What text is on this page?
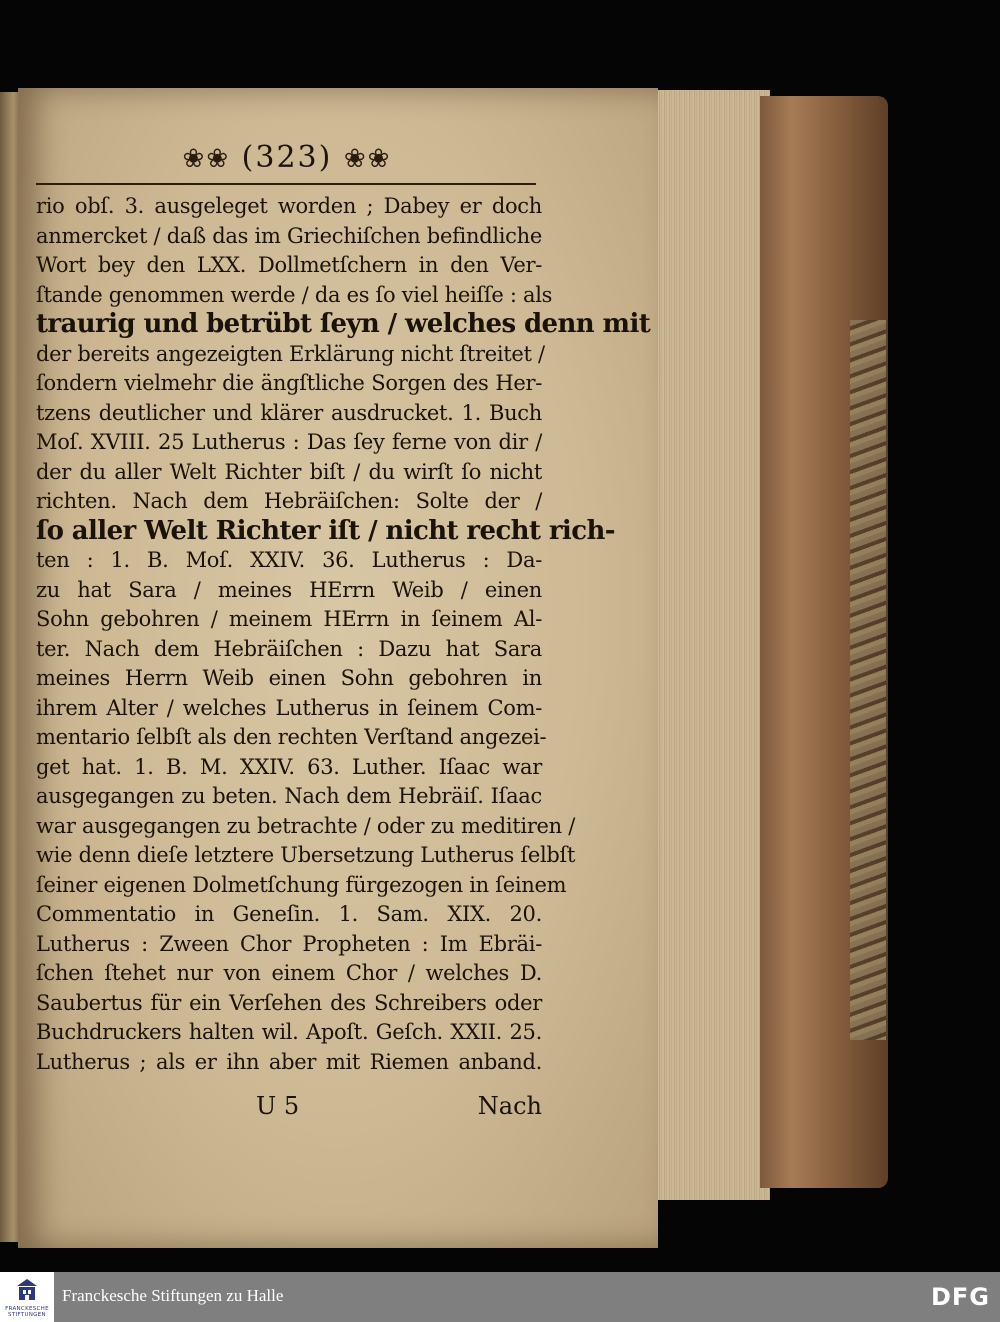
❀❀ (323) ❀❀
rio obſ. 3. ausgeleget worden ; Dabey er doch
anmercket / daß das im Griechiſchen befindliche
Wort bey den LXX. Dollmetſchern in den Ver-
ſtande genommen werde / da es ſo viel heiſſe : als
traurig und betrübt ſeyn / welches denn mit
der bereits angezeigten Erklärung nicht ſtreitet /
ſondern vielmehr die ängſtliche Sorgen des Her-
tzens deutlicher und klärer ausdrucket. 1. Buch
Moſ. XVIII. 25 Lutherus : Das ſey ferne von dir /
der du aller Welt Richter biſt / du wirſt ſo nicht
richten. Nach dem Hebräiſchen: Solte der /
ſo aller Welt Richter iſt / nicht recht rich-
ten : 1. B. Moſ. XXIV. 36. Lutherus : Da-
zu hat Sara / meines HErrn Weib / einen
Sohn gebohren / meinem HErrn in ſeinem Al-
ter. Nach dem Hebräiſchen : Dazu hat Sara
meines Herrn Weib einen Sohn gebohren in
ihrem Alter / welches Lutherus in ſeinem Com-
mentario ſelbſt als den rechten Verſtand angezei-
get hat. 1. B. M. XXIV. 63. Luther. Iſaac war
ausgegangen zu beten. Nach dem Hebräiſ. Iſaac
war ausgegangen zu betrachte / oder zu meditiren /
wie denn dieſe letztere Ubersetzung Lutherus ſelbſt
ſeiner eigenen Dolmetſchung fürgezogen in ſeinem
Commentatio in Geneſin. 1. Sam. XIX. 20.
Lutherus : Zween Chor Propheten : Im Ebräi-
ſchen ſtehet nur von einem Chor / welches D.
Saubertus für ein Verſehen des Schreibers oder
Buchdruckers halten wil. Apoſt. Geſch. XXII. 25.
Lutherus ; als er ihn aber mit Riemen anband.
U 5	Nach
FRANCKESCHE
STIFTUNGEN
Franckesche Stiftungen zu Halle	DFG
